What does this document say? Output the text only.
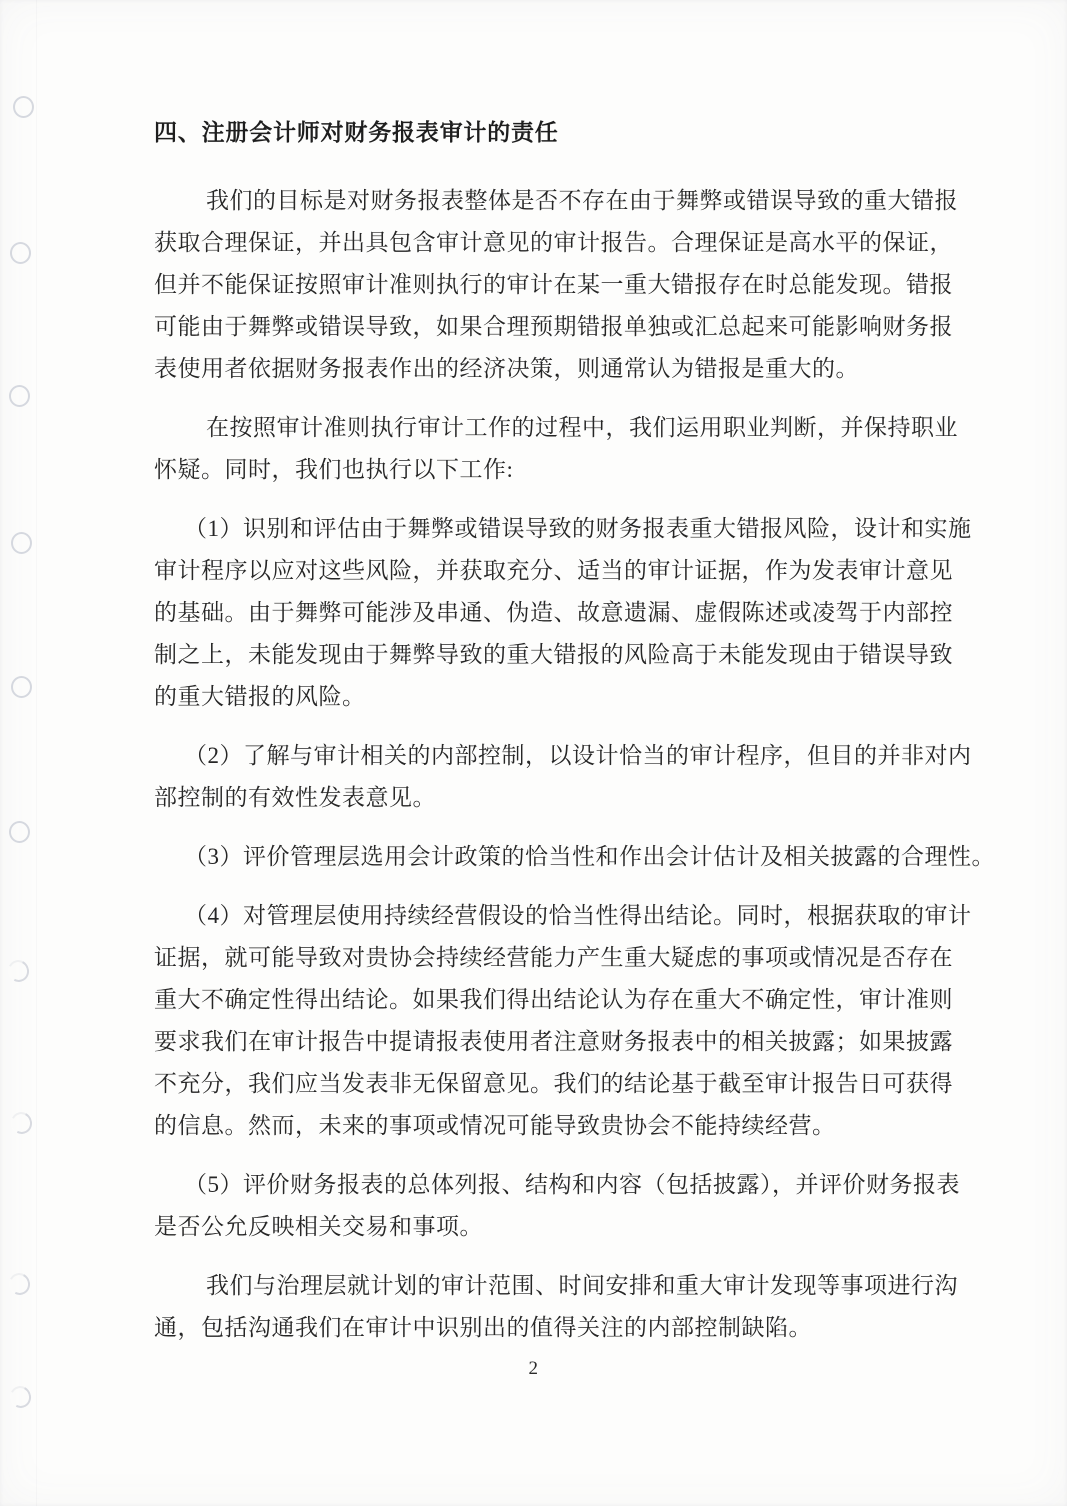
四、注册会计师对财务报表审计的责任
我们的目标是对财务报表整体是否不存在由于舞弊或错误导致的重大错报
获取合理保证，并出具包含审计意见的审计报告。合理保证是高水平的保证，
但并不能保证按照审计准则执行的审计在某一重大错报存在时总能发现。错报
可能由于舞弊或错误导致，如果合理预期错报单独或汇总起来可能影响财务报
表使用者依据财务报表作出的经济决策，则通常认为错报是重大的。
在按照审计准则执行审计工作的过程中，我们运用职业判断，并保持职业
怀疑。同时，我们也执行以下工作:
（1）识别和评估由于舞弊或错误导致的财务报表重大错报风险，设计和实施
审计程序以应对这些风险，并获取充分、适当的审计证据，作为发表审计意见
的基础。由于舞弊可能涉及串通、伪造、故意遗漏、虚假陈述或凌驾于内部控
制之上，未能发现由于舞弊导致的重大错报的风险高于未能发现由于错误导致
的重大错报的风险。
（2）了解与审计相关的内部控制，以设计恰当的审计程序，但目的并非对内
部控制的有效性发表意见。
（3）评价管理层选用会计政策的恰当性和作出会计估计及相关披露的合理性。
（4）对管理层使用持续经营假设的恰当性得出结论。同时，根据获取的审计
证据，就可能导致对贵协会持续经营能力产生重大疑虑的事项或情况是否存在
重大不确定性得出结论。如果我们得出结论认为存在重大不确定性，审计准则
要求我们在审计报告中提请报表使用者注意财务报表中的相关披露；如果披露
不充分，我们应当发表非无保留意见。我们的结论基于截至审计报告日可获得
的信息。然而，未来的事项或情况可能导致贵协会不能持续经营。
（5）评价财务报表的总体列报、结构和内容（包括披露），并评价财务报表
是否公允反映相关交易和事项。
我们与治理层就计划的审计范围、时间安排和重大审计发现等事项进行沟
通，包括沟通我们在审计中识别出的值得关注的内部控制缺陷。
2
